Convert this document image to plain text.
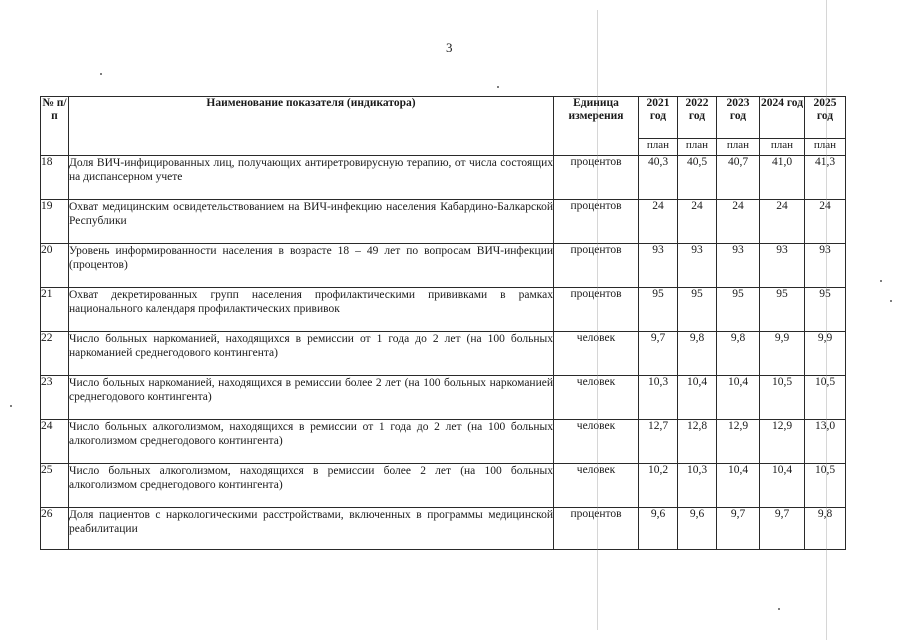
3
№ п/п	Наименование показателя (индикатора)	Единица измерения	2021 год	2022 год	2023 год	2024 год	2025 год
			план	план	план	план	план
18	Доля ВИЧ-инфицированных лиц, получающих антиретровирусную терапию, от числа состоящих на диспансерном учете	процентов	40,3	40,5	40,7	41,0	41,3
19	Охват медицинским освидетельствованием на ВИЧ-инфекцию населения Кабардино-Балкарской Республики	процентов	24	24	24	24	24
20	Уровень информированности населения в возрасте 18 – 49 лет по вопросам ВИЧ-инфекции (процентов)	процентов	93	93	93	93	93
21	Охват декретированных групп населения профилактическими прививками в рамках национального календаря профилактических прививок	процентов	95	95	95	95	95
22	Число больных наркоманией, находящихся в ремиссии от 1 года до 2 лет (на 100 больных наркоманией среднегодового контингента)	человек	9,7	9,8	9,8	9,9	9,9
23	Число больных наркоманией, находящихся в ремиссии более 2 лет (на 100 больных наркоманией среднегодового контингента)	человек	10,3	10,4	10,4	10,5	10,5
24	Число больных алкоголизмом, находящихся в ремиссии от 1 года до 2 лет (на 100 больных алкоголизмом среднегодового контингента)	человек	12,7	12,8	12,9	12,9	13,0
25	Число больных алкоголизмом, находящихся в ремиссии более 2 лет (на 100 больных алкоголизмом среднегодового контингента)	человек	10,2	10,3	10,4	10,4	10,5
26	Доля пациентов с наркологическими расстройствами, включенных в программы медицинской реабилитации	процентов	9,6	9,6	9,7	9,7	9,8
